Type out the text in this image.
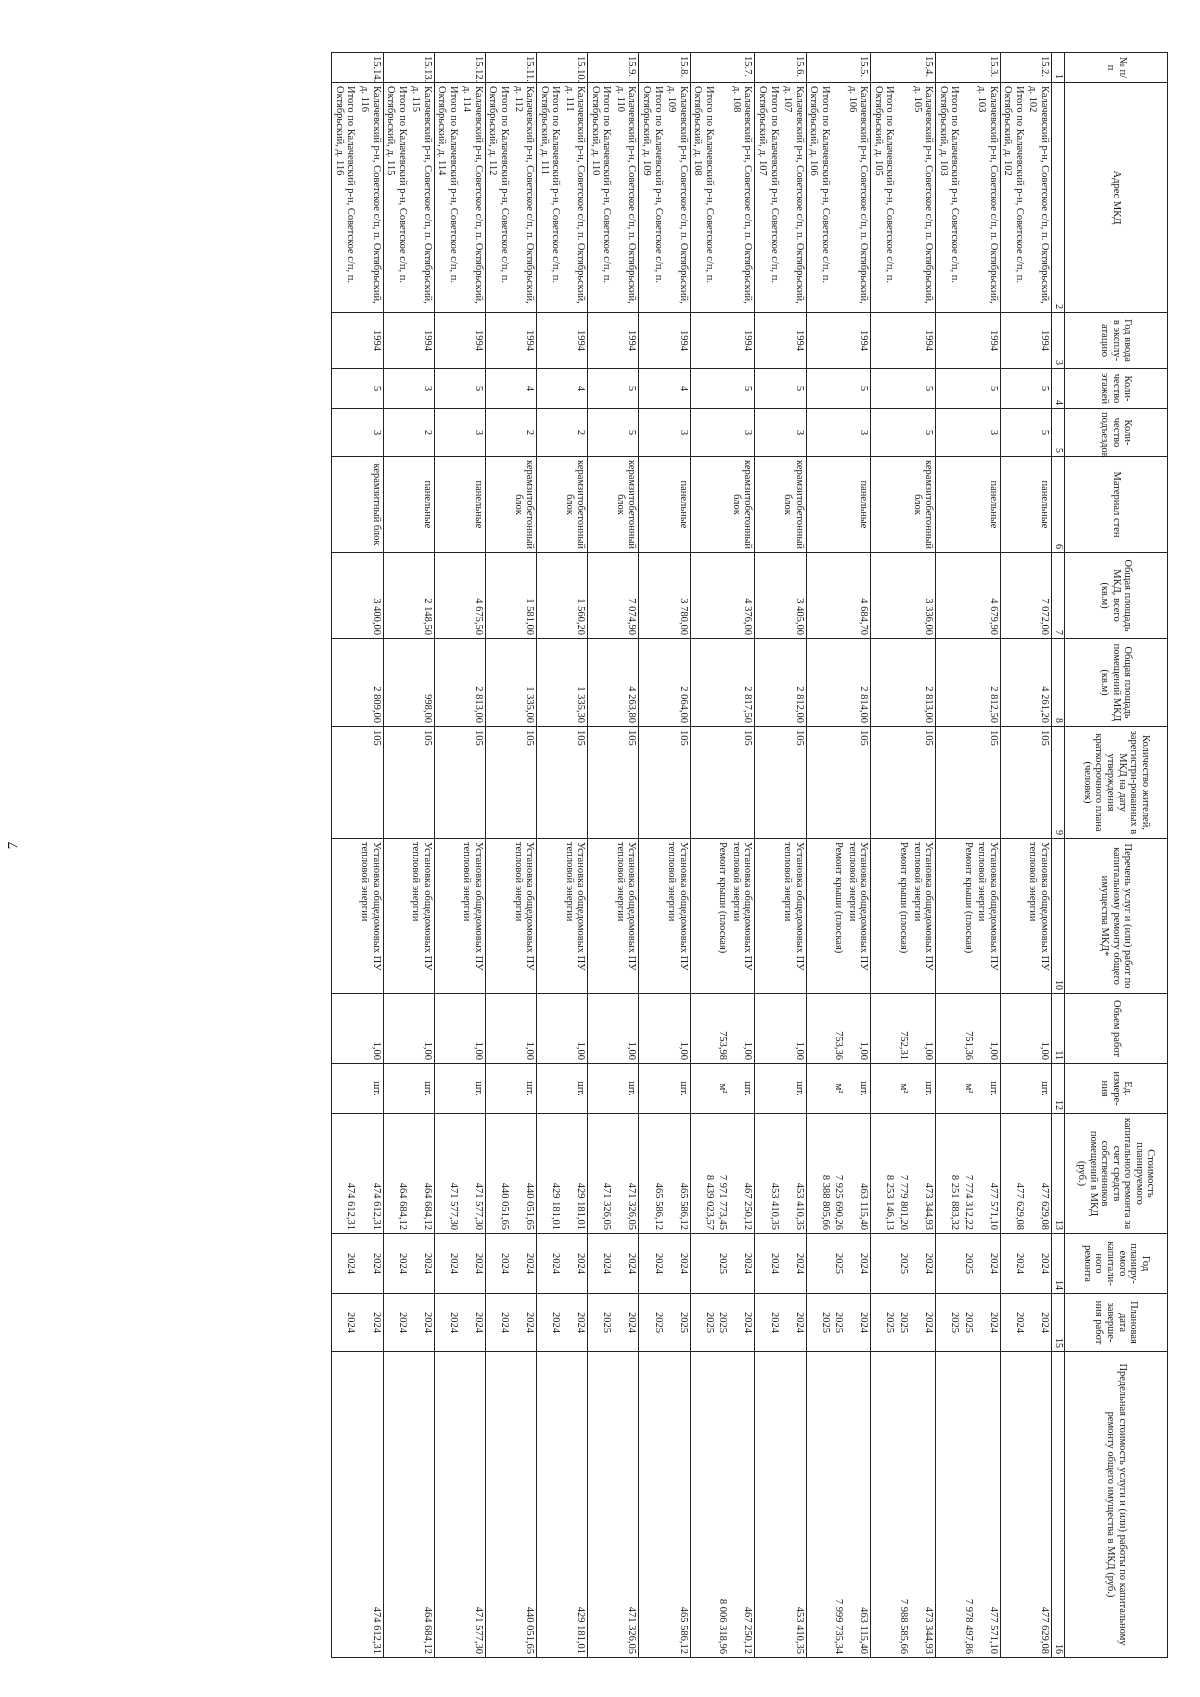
7
№ п/п	Адрес МКД	Год ввода в эксплу-атацию	Коли-чество этажей	Коли-чество подъездов	Материал стен	Общая площадь МКД, всего (кв.м)	Общая площадь помещений МКД (кв.м)	Количество жителей, зарегистри-рованных в МКД на дату утверждения краткосрочного плана (человек)	Перечень услуг и (или) работ по капитальному ремонту общего имущества МКД*	Объем работ	Ед. измере-ния	Стоимость планируемого капитального ремонта за счет средств собственников помещений в МКД (руб.)	Год планиру-емого капитали-ного ремонта	Плановая дата заверше-ния работ	Предельная стоимость услуги и (или) работы по капитальному ремонту общего имущества в МКД (руб.)
1	2	3	4	5	6	7	8	9	10	11	12	13	14	15	16
15.2.	Калачевский р-н, Советское с/п, п. Октябрьский, д. 102	1994	5	5	панельные	7 072,00	4 261,20	105	Установка общедомовых ПУ тепловой энергии	1,00	шт.	477 629,08	2024	2024	477 629,08
	Итого по Калачевский р-н, Советское с/п, п. Октябрьский, д. 102											477 629,08	2024	2024	
15.3.	Калачевский р-н, Советское с/п, п. Октябрьский, д. 103	1994	5	3	панельные	4 679,90	2 812,50	105	Установка общедомовых ПУ тепловой энергии	1,00	шт.	477 571,10	2024	2024	477 571,10
									Ремонт крыши (плоская)	751,36	м²	7 774 312,22	2025	2025	7 978 497,86
	Итого по Калачевский р-н, Советское с/п, п. Октябрьский, д. 103											8 251 883,32		2025	
15.4.	Калачевский р-н, Советское с/п, п. Октябрьский, д. 105	1994	5	5	керамзитобетонный блок	3 336,00	2 813,00	105	Установка общедомовых ПУ тепловой энергии	1,00	шт.	473 344,93	2024	2024	473 344,93
									Ремонт крыши (плоская)	752,31	м²	7 779 801,20	2025	2025	7 988 585,66
	Итого по Калачевский р-н, Советское с/п, п. Октябрьский, д. 105											8 253 146,13		2025	
15.5.	Калачевский р-н, Советское с/п, п. Октябрьский, д. 106	1994	5	3	панельные	4 684,70	2 814,00	105	Установка общедомовых ПУ тепловой энергии	1,00	шт.	463 115,40	2024	2024	463 115,40
									Ремонт крыши (плоская)	753,36	м²	7 925 690,26	2025	2025	7 999 735,34
	Итого по Калачевский р-н, Советское с/п, п. Октябрьский, д. 106											8 388 805,66		2025	
15.6.	Калачевский р-н, Советское с/п, п. Октябрьский, д. 107	1994	5	3	керамзитобетонный блок	3 405,00	2 812,00	105	Установка общедомовых ПУ тепловой энергии	1,00	шт.	453 410,35	2024	2024	453 410,35
	Итого по Калачевский р-н, Советское с/п, п. Октябрьский, д. 107											453 410,35	2024	2024	
15.7.	Калачевский р-н, Советское с/п, п. Октябрьский, д. 108	1994	5	3	керамзитобетонный блок	4 376,00	2 817,50	105	Установка общедомовых ПУ тепловой энергии	1,00	шт.	467 250,12	2024	2024	467 250,12
									Ремонт крыши (плоская)	753,98	м²	7 971 773,45	2025	2025	8 006 318,96
	Итого по Калачевский р-н, Советское с/п, п. Октябрьский, д. 108											8 439 023,57		2025	
15.8.	Калачевский р-н, Советское с/п, п. Октябрьский, д. 109	1994	4	3	панельные	3 780,00	2 064,00	105	Установка общедомовых ПУ тепловой энергии	1,00	шт.	465 586,12	2024	2025	465 586,12
	Итого по Калачевский р-н, Советское с/п, п. Октябрьский, д. 109											465 586,12	2024	2025	
15.9.	Калачевский р-н, Советское с/п, п. Октябрьский, д. 110	1994	5	5	керамзитобетонный блок	7 074,90	4 263,80	105	Установка общедомовых ПУ тепловой энергии	1,00	шт.	471 326,05	2024	2024	471 326,05
	Итого по Калачевский р-н, Советское с/п, п. Октябрьский, д. 110											471 326,05	2024	2025	
15.10.	Калачевский р-н, Советское с/п, п. Октябрьский, д. 111	1994	4	2	керамзитобетонный блок	1 560,20	1 335,30	105	Установка общедомовых ПУ тепловой энергии	1,00	шт.	429 181,01	2024	2024	429 181,01
	Итого по Калачевский р-н, Советское с/п, п. Октябрьский, д. 111											429 181,01	2024	2024	
15.11.	Калачевский р-н, Советское с/п, п. Октябрьский, д. 112	1994	4	2	керамзитобетонный блок	1 581,00	1 335,00	105	Установка общедомовых ПУ тепловой энергии	1,00	шт.	440 051,65	2024	2024	440 051,65
	Итого по Калачевский р-н, Советское с/п, п. Октябрьский, д. 112											440 051,65	2024	2024	
15.12.	Калачевский р-н, Советское с/п, п. Октябрьский, д. 114	1994	5	3	панельные	4 675,50	2 813,00	105	Установка общедомовых ПУ тепловой энергии	1,00	шт.	471 577,30	2024	2024	471 577,30
	Итого по Калачевский р-н, Советское с/п, п. Октябрьский, д. 114											471 577,30	2024	2024	
15.13.	Калачевский р-н, Советское с/п, п. Октябрьский, д. 115	1994	3	2	панельные	2 148,50	998,00	105	Установка общедомовых ПУ тепловой энергии	1,00	шт.	464 684,12	2024	2024	464 684,12
	Итого по Калачевский р-н, Советское с/п, п. Октябрьский, д. 115											464 684,12	2024	2024	
15.14.	Калачевский р-н, Советское с/п, п. Октябрьский, д. 116	1994	5	3	керамзитный блок	3 400,00	2 809,00	105	Установка общедомовых ПУ тепловой энергии	1,00	шт.	474 612,31	2024	2024	474 612,31
	Итого по Калачевский р-н, Советское с/п, п. Октябрьский, д. 116											474 612,31	2024	2024	
